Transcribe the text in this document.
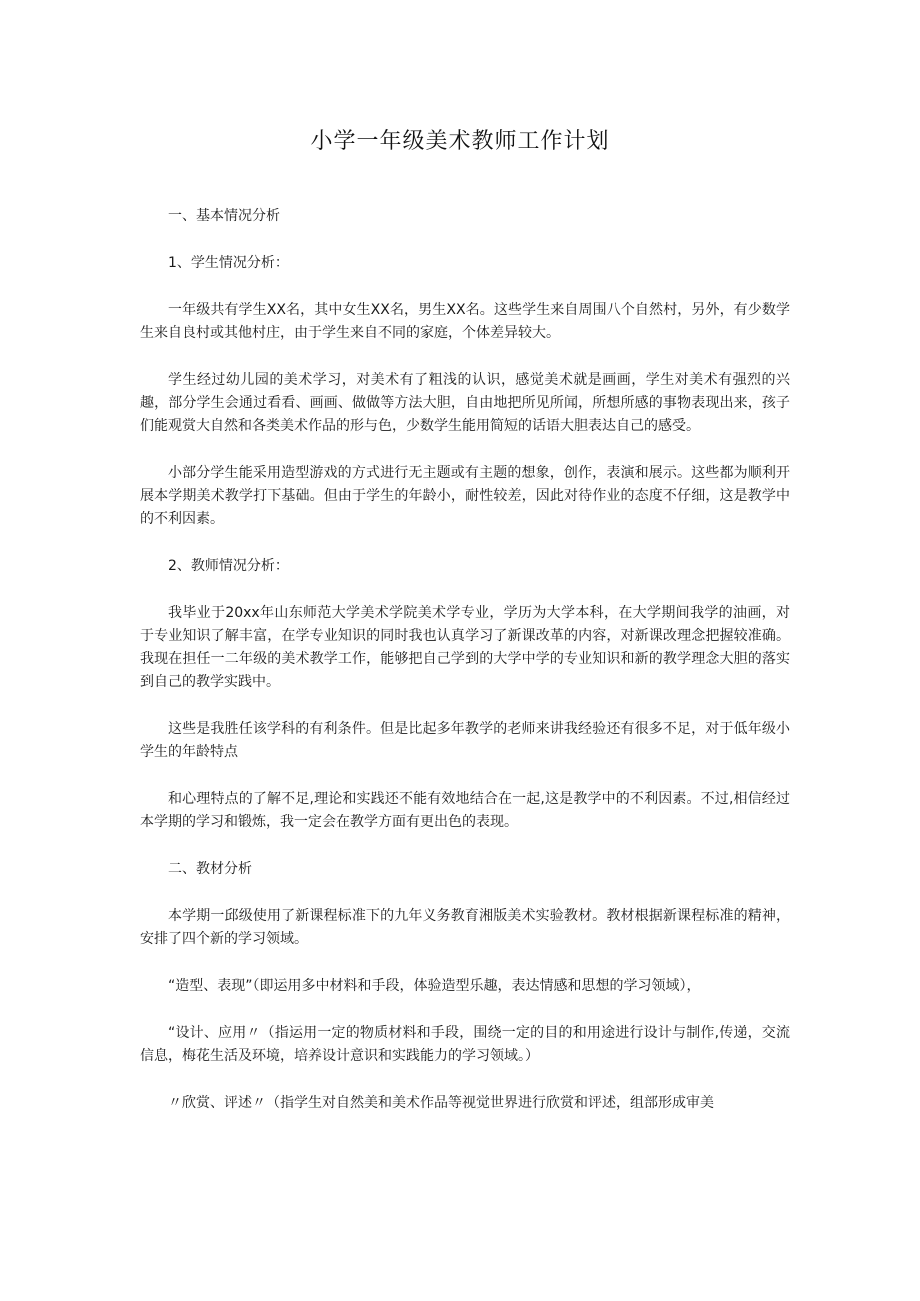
小学一年级美术教师工作计划
一、基本情况分析
1、学生情况分析：
一年级共有学生XX名，其中女生XX名，男生XX名。这些学生来自周围八个自然村，另外，有少数学生来自良村或其他村庄，由于学生来自不同的家庭，个体差异较大。
学生经过幼儿园的美术学习，对美术有了粗浅的认识，感觉美术就是画画，学生对美术有强烈的兴趣，部分学生会通过看看、画画、做做等方法大胆，自由地把所见所闻，所想所感的事物表现出来，孩子们能观赏大自然和各类美术作品的形与色，少数学生能用简短的话语大胆表达自己的感受。
小部分学生能采用造型游戏的方式进行无主题或有主题的想象，创作，表演和展示。这些都为顺利开展本学期美术教学打下基础。但由于学生的年龄小，耐性较差，因此对待作业的态度不仔细，这是教学中的不利因素。
2、教师情况分析：
我毕业于20xx年山东师范大学美术学院美术学专业，学历为大学本科，在大学期间我学的油画，对于专业知识了解丰富，在学专业知识的同时我也认真学习了新课改革的内容，对新课改理念把握较准确。我现在担任一二年级的美术教学工作，能够把自己学到的大学中学的专业知识和新的教学理念大胆的落实到自己的教学实践中。
这些是我胜任该学科的有利条件。但是比起多年教学的老师来讲我经验还有很多不足，对于低年级小学生的年龄特点
和心理特点的了解不足,理论和实践还不能有效地结合在一起,这是教学中的不利因素。不过,相信经过本学期的学习和锻炼，我一定会在教学方面有更出色的表现。
二、教材分析
本学期一邱级使用了新课程标准下的九年义务教育湘版美术实验教材。教材根据新课程标准的精神，安排了四个新的学习领域。
“造型、表现”（即运用多中材料和手段，体验造型乐趣，表达情感和思想的学习领域），
“设计、应用〃（指运用一定的物质材料和手段，围绕一定的目的和用途进行设计与制作,传递，交流信息，梅花生活及环境，培养设计意识和实践能力的学习领域。）
〃欣赏、评述〃（指学生对自然美和美术作品等视觉世界进行欣赏和评述，组部形成审美
